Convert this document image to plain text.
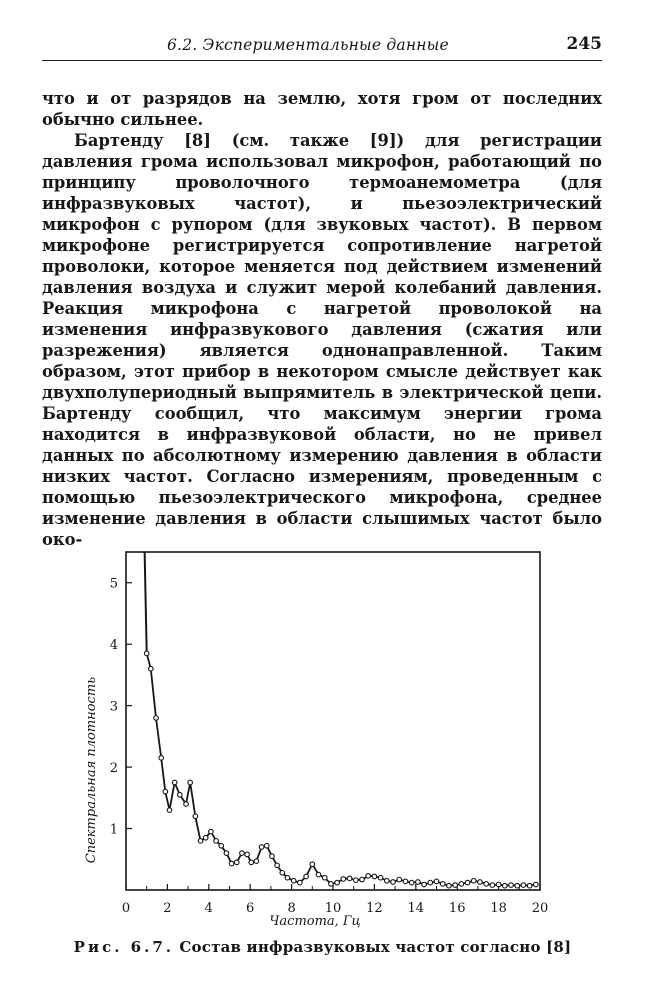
6.2. Экспериментальные данные	245

что и от разрядов на землю, хотя гром от последних обычно сильнее.

Бартенду [8] (см. также [9]) для регистрации давления грома использовал микрофон, работающий по принципу проволочного термоанемометра (для инфразвуковых частот), и пьезоэлектрический микрофон с рупором (для звуковых частот). В первом микрофоне регистрируется сопротивление нагретой проволоки, которое меняется под действием изменений давления воздуха и служит мерой колебаний давления. Реакция микрофона с нагретой проволокой на изменения инфразвукового давления (сжатия или разрежения) является однонаправленной. Таким образом, этот прибор в некотором смысле действует как двухполупериодный выпрямитель в электрической цепи. Бартенду сообщил, что максимум энергии грома находится в инфразвуковой области, но не привел данных по абсолютному измерению давления в области низких частот. Согласно измерениям, проведенным с помощью пьезоэлектрического микрофона, среднее изменение давления в области слышимых частот было око-

0	2	4	6	8 10 12 14 16 18 20
1
2
3
4
5
Частота, Гц
Спектральная плотность
Рис. 6.7. Состав инфразвуковых частот согласно [8]
